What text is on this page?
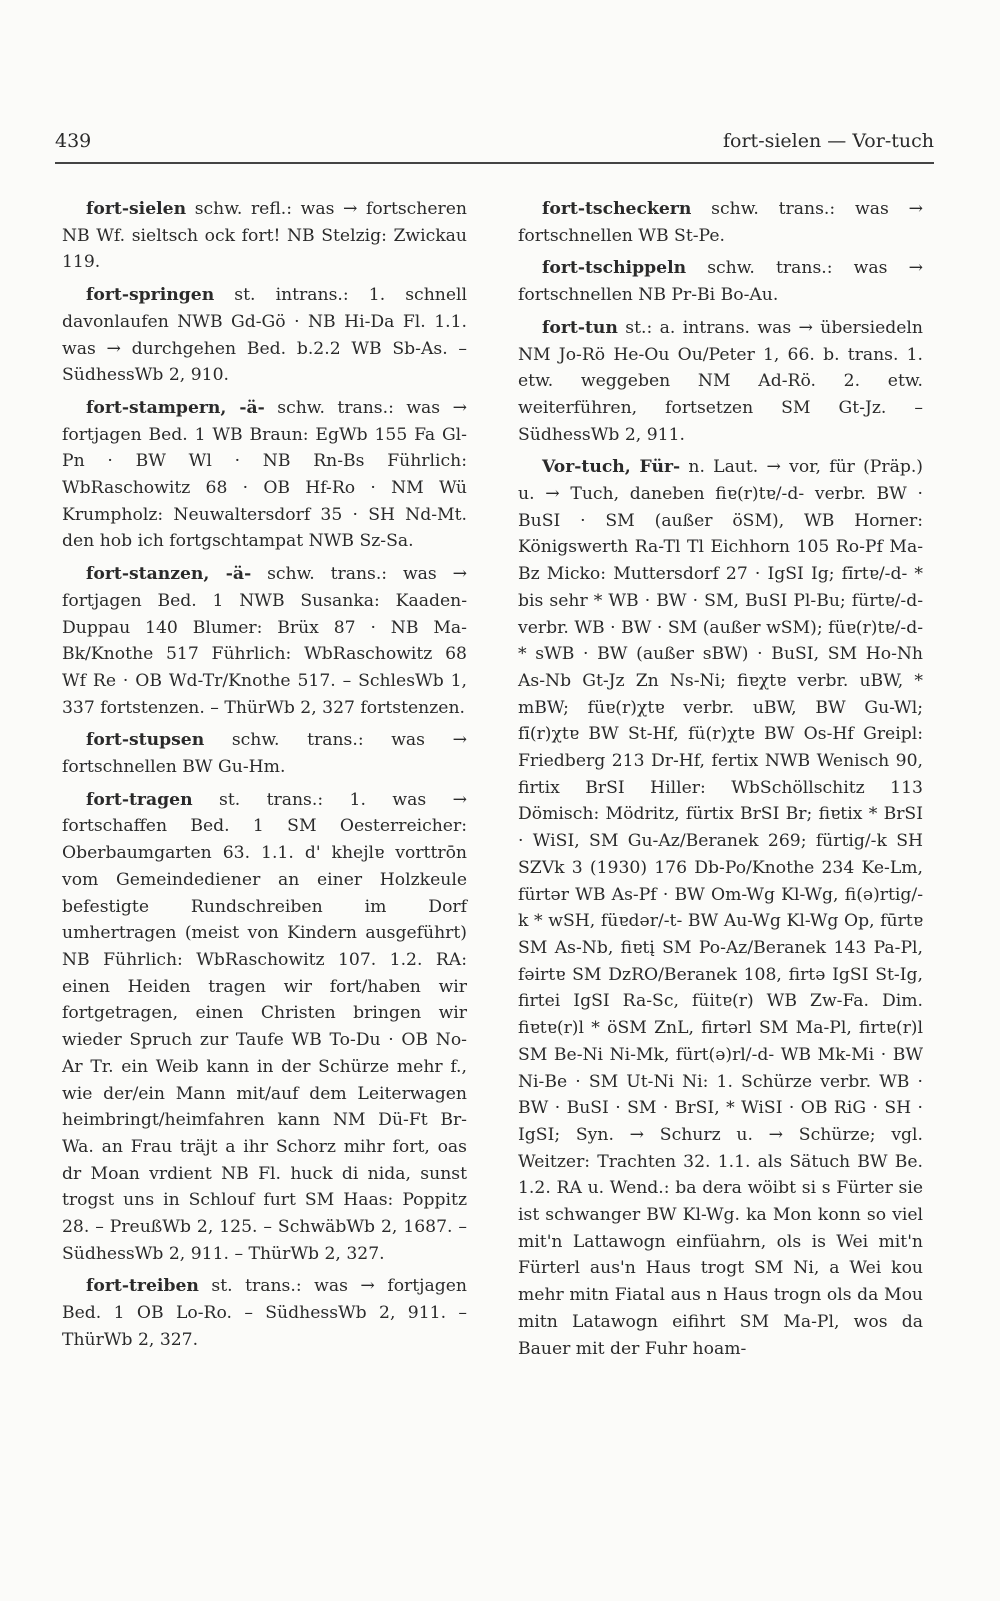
439	fort-sielen — Vor-tuch

fort-sielen schw. refl.: was → fortscheren NB Wf. sieltsch ock fort! NB Stelzig: Zwickau 119.

fort-springen st. intrans.: 1. schnell davonlaufen NWB Gd-Gö · NB Hi-Da Fl. 1.1. was → durchgehen Bed. b.2.2 WB Sb-As. – SüdhessWb 2, 910.

fort-stampern, -ä- schw. trans.: was → fortjagen Bed. 1 WB Braun: EgWb 155 Fa Gl-Pn · BW Wl · NB Rn-Bs Führlich: WbRaschowitz 68 · OB Hf-Ro · NM Wü Krumpholz: Neuwaltersdorf 35 · SH Nd-Mt. den hob ich fortgschtampat NWB Sz-Sa.

fort-stanzen, -ä- schw. trans.: was → fortjagen Bed. 1 NWB Susanka: Kaaden-Duppau 140 Blumer: Brüx 87 · NB Ma-Bk/Knothe 517 Führlich: WbRaschowitz 68 Wf Re · OB Wd-Tr/Knothe 517. – SchlesWb 1, 337 fortstenzen. – ThürWb 2, 327 fortstenzen.

fort-stupsen schw. trans.: was → fortschnellen BW Gu-Hm.

fort-tragen st. trans.: 1. was → fortschaffen Bed. 1 SM Oesterreicher: Oberbaumgarten 63. 1.1. d' khejlɐ vorttrōn vom Gemeindediener an einer Holzkeule befestigte Rundschreiben im Dorf umhertragen (meist von Kindern ausgeführt) NB Führlich: WbRaschowitz 107. 1.2. RA: einen Heiden tragen wir fort/haben wir fortgetragen, einen Christen bringen wir wieder Spruch zur Taufe WB To-Du · OB No-Ar Tr. ein Weib kann in der Schürze mehr f., wie der/ein Mann mit/auf dem Leiterwagen heimbringt/heimfahren kann NM Dü-Ft Br-Wa. an Frau träjt a ihr Schorz mihr fort, oas dr Moan vrdient NB Fl. huck di nida, sunst trogst uns in Schlouf furt SM Haas: Poppitz 28. – PreußWb 2, 125. – SchwäbWb 2, 1687. – SüdhessWb 2, 911. – ThürWb 2, 327.

fort-treiben st. trans.: was → fortjagen Bed. 1 OB Lo-Ro. – SüdhessWb 2, 911. – ThürWb 2, 327.

fort-tscheckern schw. trans.: was → fortschnellen WB St-Pe.

fort-tschippeln schw. trans.: was → fortschnellen NB Pr-Bi Bo-Au.

fort-tun st.: a. intrans. was → übersiedeln NM Jo-Rö He-Ou Ou/Peter 1, 66. b. trans. 1. etw. weggeben NM Ad-Rö. 2. etw. weiterführen, fortsetzen SM Gt-Jz. – SüdhessWb 2, 911.

Vor-tuch, Für- n. Laut. → vor, für (Präp.) u. → Tuch, daneben fiɐ(r)tɐ/-d- verbr. BW · BuSI · SM (außer öSM), WB Horner: Königswerth Ra-Tl Tl Eichhorn 105 Ro-Pf Ma-Bz Micko: Muttersdorf 27 · IgSI Ig; fīrtɐ/-d- * bis sehr * WB · BW · SM, BuSI Pl-Bu; fürtɐ/-d- verbr. WB · BW · SM (außer wSM); füɐ(r)tɐ/-d- * sWB · BW (außer sBW) · BuSI, SM Ho-Nh As-Nb Gt-Jz Zn Ns-Ni; fiɐχtɐ verbr. uBW, * mBW; füɐ(r)χtɐ verbr. uBW, BW Gu-Wl; fī(r)χtɐ BW St-Hf, fü(r)χtɐ BW Os-Hf Greipl: Friedberg 213 Dr-Hf, fertix NWB Wenisch 90, firtix BrSI Hiller: WbSchöllschitz 113 Dömisch: Mödritz, fürtix BrSI Br; fiɐtix * BrSI · WiSI, SM Gu-Az/Beranek 269; fürtig/-k SH SZVk 3 (1930) 176 Db-Po/Knothe 234 Ke-Lm, fürtər WB As-Pf · BW Om-Wg Kl-Wg, fi(ə)rtig/-k * wSH, füɐdər/-t- BW Au-Wg Kl-Wg Op, fūrtɐ SM As-Nb, fiɐtį SM Po-Az/Beranek 143 Pa-Pl, fəirtɐ SM DzRO/Beranek 108, firtə IgSI St-Ig, firtei IgSI Ra-Sc, füitɐ(r) WB Zw-Fa. Dim. fiɐtɐ(r)l * öSM ZnL, firtərl SM Ma-Pl, firtɐ(r)l SM Be-Ni Ni-Mk, fürt(ə)rl/-d- WB Mk-Mi · BW Ni-Be · SM Ut-Ni Ni: 1. Schürze verbr. WB · BW · BuSI · SM · BrSI, * WiSI · OB RiG · SH · IgSI; Syn. → Schurz u. → Schürze; vgl. Weitzer: Trachten 32. 1.1. als Sätuch BW Be. 1.2. RA u. Wend.: ba dera wöibt si s Fürter sie ist schwanger BW Kl-Wg. ka Mon konn so viel mit'n Lattawogn einfüahrn, ols is Wei mit'n Fürterl aus'n Haus trogt SM Ni, a Wei kou mehr mitn Fiatal aus n Haus trogn ols da Mou mitn Latawogn eifihrt SM Ma-Pl, wos da Bauer mit der Fuhr hoam-
